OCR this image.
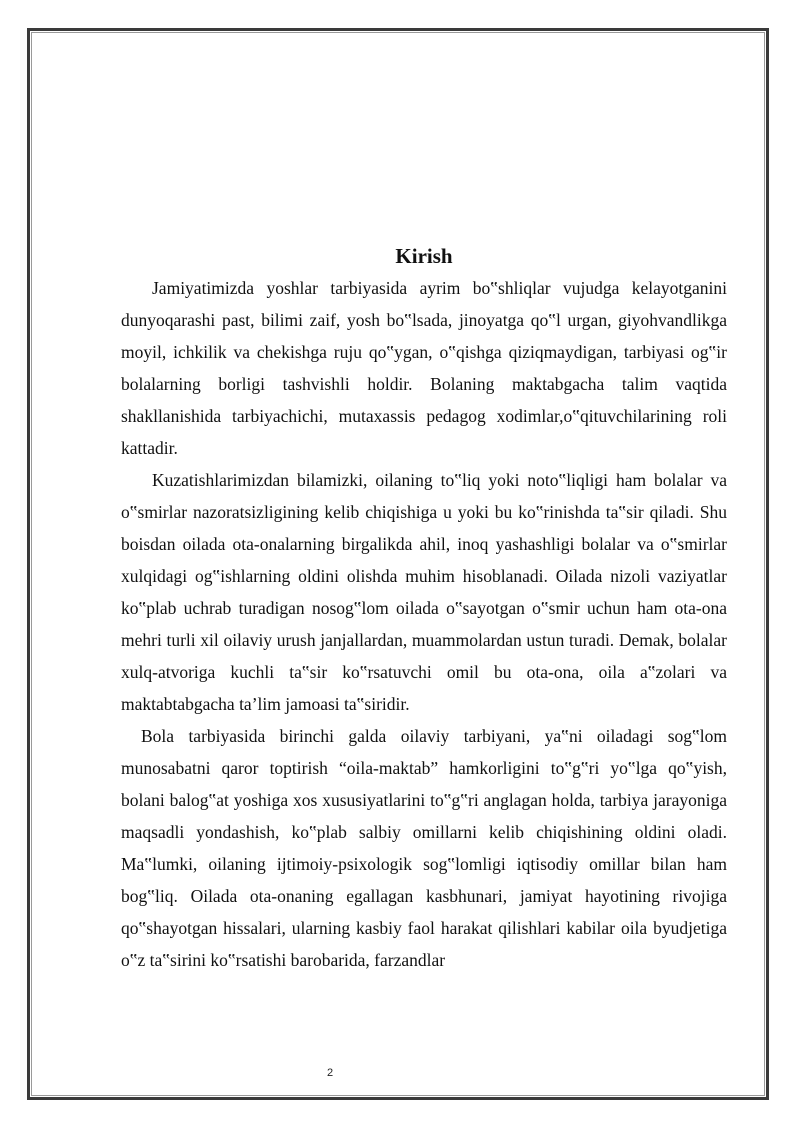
Kirish

Jamiyatimizda yoshlar tarbiyasida ayrim bo‟shliqlar vujudga kelayotganini dunyoqarashi past, bilimi zaif, yosh bo‟lsada, jinoyatga qo‟l urgan, giyohvandlikga moyil, ichkilik va chekishga ruju qo‟ygan, o‟qishga qiziqmaydigan, tarbiyasi og‟ir bolalarning borligi tashvishli holdir. Bolaning maktabgacha talim vaqtida shakllanishida tarbiyachichi, mutaxassis pedagog xodimlar,o‟qituvchilarining roli kattadir.

Kuzatishlarimizdan bilamizki, oilaning to‟liq yoki noto‟liqligi ham bolalar va o‟smirlar nazoratsizligining kelib chiqishiga u yoki bu ko‟rinishda ta‟sir qiladi. Shu boisdan oilada ota-onalarning birgalikda ahil, inoq yashashligi bolalar va o‟smirlar xulqidagi og‟ishlarning oldini olishda muhim hisoblanadi. Oilada nizoli vaziyatlar ko‟plab uchrab turadigan nosog‟lom oilada o‟sayotgan o‟smir uchun ham ota-ona mehri turli xil oilaviy urush janjallardan, muammolardan ustun turadi. Demak, bolalar xulq-atvoriga kuchli ta‟sir ko‟rsatuvchi omil bu ota-ona, oila a‟zolari va maktabtabgacha ta’lim jamoasi ta‟siridir.

Bola tarbiyasida birinchi galda oilaviy tarbiyani, ya‟ni oiladagi sog‟lom munosabatni qaror toptirish “oila-maktab” hamkorligini to‟g‟ri yo‟lga qo‟yish, bolani balog‟at yoshiga xos xususiyatlarini to‟g‟ri anglagan holda, tarbiya jarayoniga maqsadli yondashish, ko‟plab salbiy omillarni kelib chiqishining oldini oladi. Ma‟lumki, oilaning ijtimoiy-psixologik sog‟lomligi iqtisodiy omillar bilan ham bog‟liq. Oilada ota-onaning egallagan kasbhunari, jamiyat hayotining rivojiga qo‟shayotgan hissalari, ularning kasbiy faol harakat qilishlari kabilar oila byudjetiga o‟z ta‟sirini ko‟rsatishi barobarida, farzandlar

2
